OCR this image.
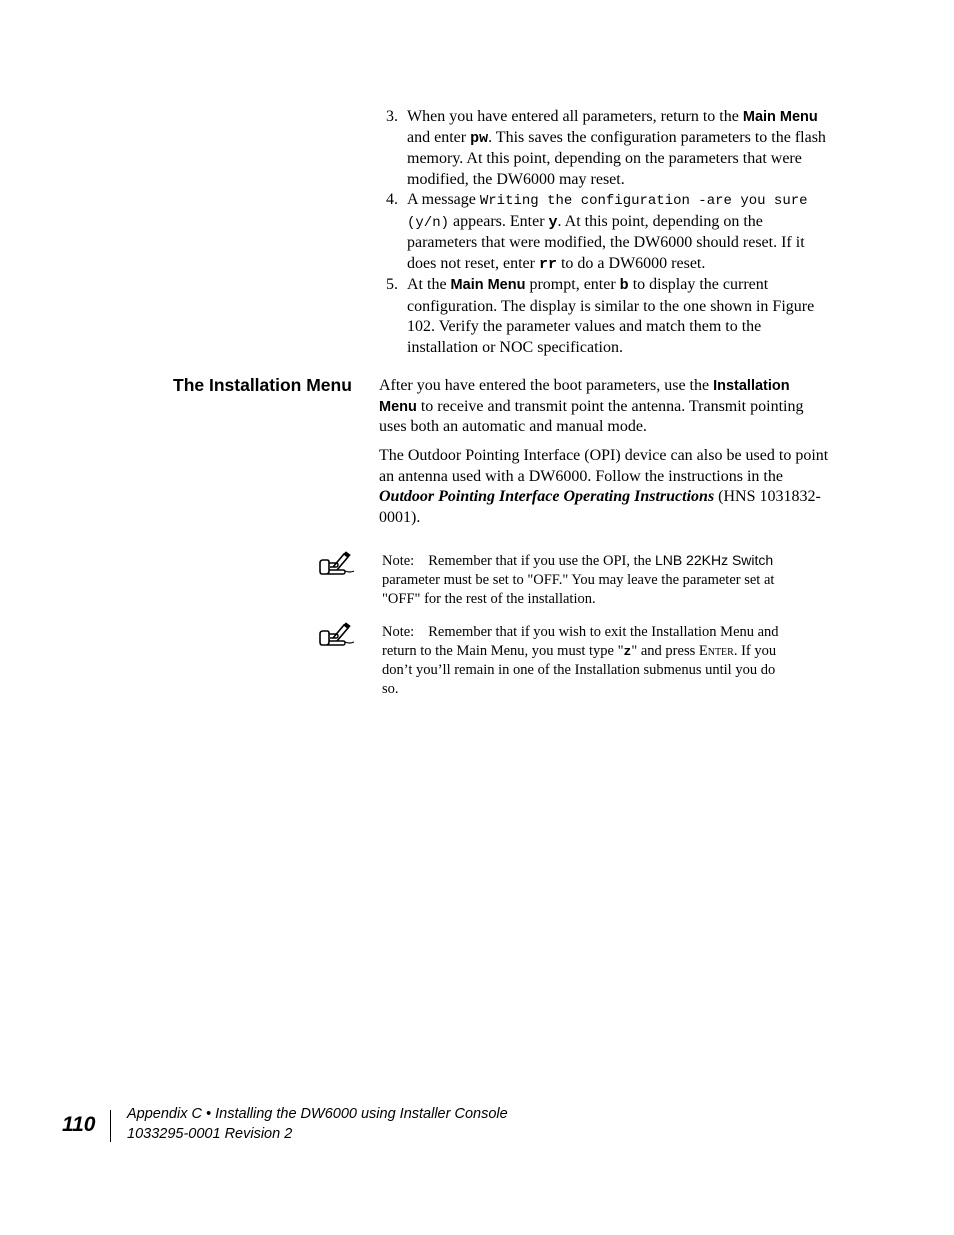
3. When you have entered all parameters, return to the Main Menu and enter pw. This saves the configuration parameters to the flash memory. At this point, depending on the parameters that were modified, the DW6000 may reset.
4. A message Writing the configuration -are you sure (y/n) appears. Enter y. At this point, depending on the parameters that were modified, the DW6000 should reset. If it does not reset, enter rr to do a DW6000 reset.
5. At the Main Menu prompt, enter b to display the current configuration. The display is similar to the one shown in Figure 102. Verify the parameter values and match them to the installation or NOC specification.
The Installation Menu After you have entered the boot parameters, use the Installation Menu to receive and transmit point the antenna. Transmit pointing uses both an automatic and manual mode.
The Outdoor Pointing Interface (OPI) device can also be used to point an antenna used with a DW6000. Follow the instructions in the Outdoor Pointing Interface Operating Instructions (HNS 1031832-0001).
Note: Remember that if you use the OPI, the LNB 22KHz Switch parameter must be set to "OFF." You may leave the parameter set at "OFF" for the rest of the installation.
Note: Remember that if you wish to exit the Installation Menu and return to the Main Menu, you must type "z" and press Enter. If you don’t you’ll remain in one of the Installation submenus until you do so.
110 Appendix C • Installing the DW6000 using Installer Console
1033295-0001 Revision 2
